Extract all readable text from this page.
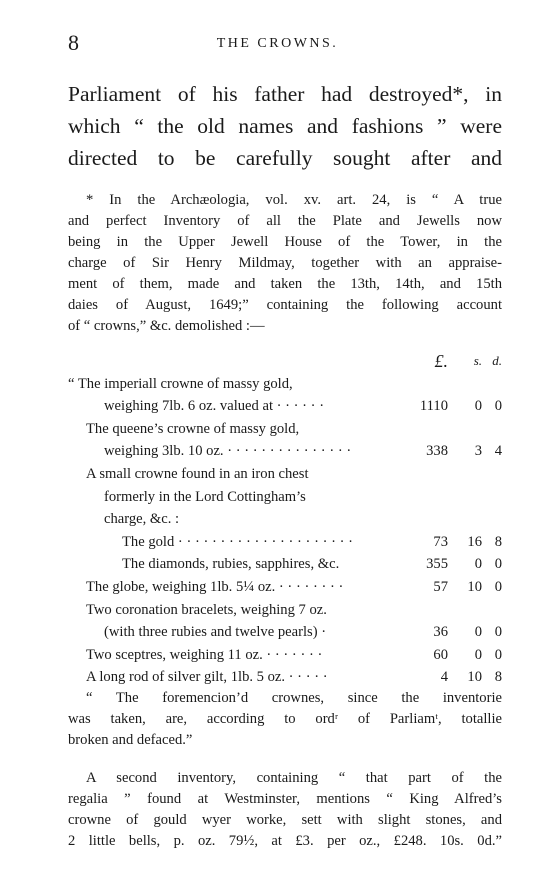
8	THE CROWNS.
Parliament of his father had destroyed*, in
which “ the old names and fashions ” were
directed to be carefully sought after and
* In the Archæologia, vol. xv. art. 24, is “ A true
and perfect Inventory of all the Plate and Jewells now
being in the Upper Jewell House of the Tower, in the
charge of Sir Henry Mildmay, together with an appraise-
ment of them, made and taken the 13th, 14th, and 15th
daies of August, 1649;” containing the following account
of “ crowns,” &c. demolished :—
£.	s. d.
“ The imperiall crowne of massy gold,
weighing 7lb. 6 oz. valued at · · · · · ·	1110	0 0
The queene’s crowne of massy gold,
weighing 3lb. 10 oz. · · · · · · · · · · · · · · ·	338	3 4
A small crowne found in an iron chest
formerly in the Lord Cottingham’s
charge, &c. :
The gold · · · · · · · · · · · · · · · · · · · · ·	73	16 8
The diamonds, rubies, sapphires, &c.	355	0 0
The globe, weighing 1lb. 5¼ oz. · · · · · · · ·	57	10 0
Two coronation bracelets, weighing 7 oz.
(with three rubies and twelve pearls) ·	36	0 0
Two sceptres, weighing 11 oz. · · · · · · ·	60	0 0
A long rod of silver gilt, 1lb. 5 oz. · · · · ·	4	10 8
“ The foremencion’d crownes, since the inventorie
was taken, are, according to ordʳ of Parliamᵗ, totallie
broken and defaced.”
A second inventory, containing “ that part of the
regalia ” found at Westminster, mentions “ King Alfred’s
crowne of gould wyer worke, sett with slight stones, and
2 little bells, p. oz. 79½, at £3. per oz., £248. 10s. 0d.”
